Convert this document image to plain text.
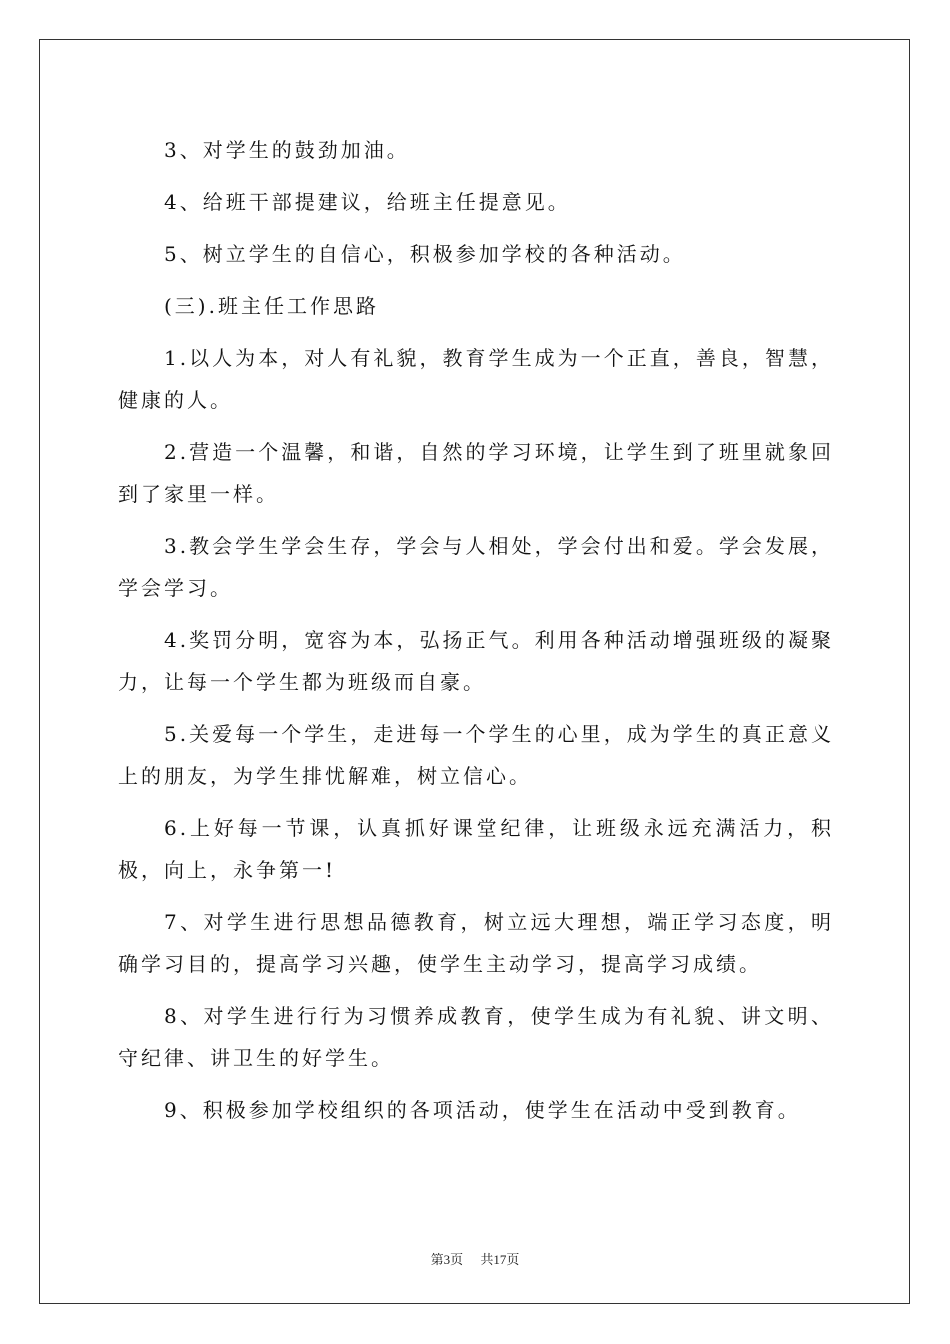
3、对学生的鼓劲加油。

4、给班干部提建议，给班主任提意见。

5、树立学生的自信心，积极参加学校的各种活动。

(三).班主任工作思路

1.以人为本，对人有礼貌，教育学生成为一个正直，善良，智慧，健康的人。

2.营造一个温馨，和谐，自然的学习环境，让学生到了班里就象回到了家里一样。

3.教会学生学会生存，学会与人相处，学会付出和爱。学会发展，学会学习。

4.奖罚分明，宽容为本，弘扬正气。利用各种活动增强班级的凝聚力，让每一个学生都为班级而自豪。

5.关爱每一个学生，走进每一个学生的心里，成为学生的真正意义上的朋友，为学生排忧解难，树立信心。

6.上好每一节课，认真抓好课堂纪律，让班级永远充满活力，积极，向上，永争第一!

7、对学生进行思想品德教育，树立远大理想，端正学习态度，明确学习目的，提高学习兴趣，使学生主动学习，提高学习成绩。

8、对学生进行行为习惯养成教育，使学生成为有礼貌、讲文明、守纪律、讲卫生的好学生。

9、积极参加学校组织的各项活动，使学生在活动中受到教育。

第3页 共17页
